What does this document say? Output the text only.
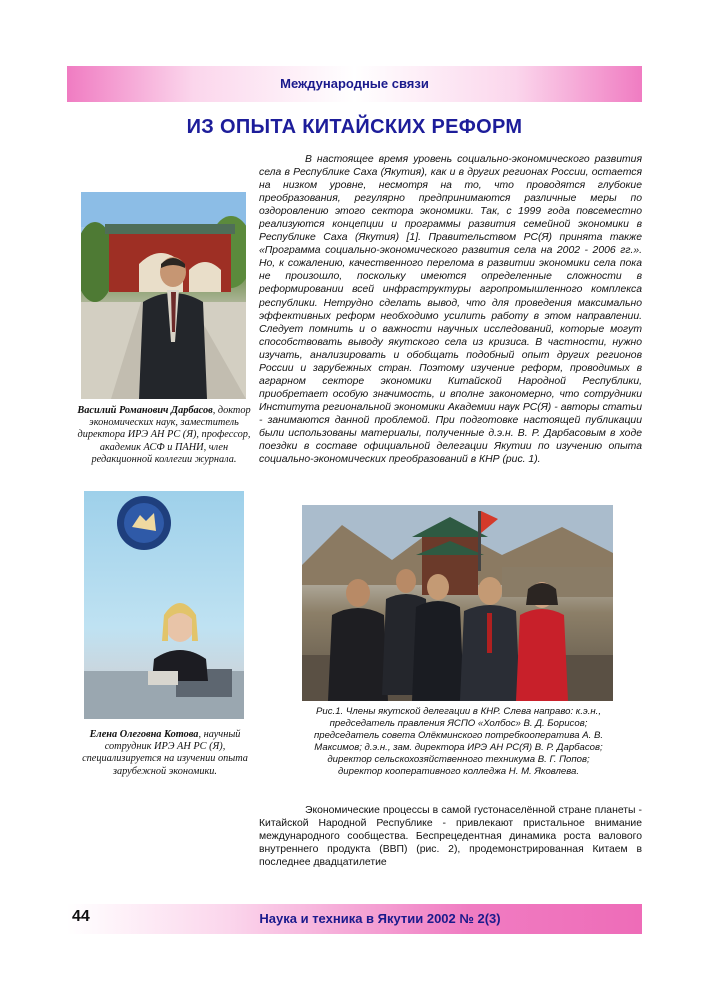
Международные связи
ИЗ ОПЫТА КИТАЙСКИХ РЕФОРМ
В настоящее время уровень социально-экономического развития села в Республике Саха (Якутия), как и в других регионах России, остается на низком уровне, несмотря на то, что проводятся глубокие преобразования, регулярно предпринимаются различные меры по оздоровлению этого сектора экономики. Так, с 1999 года повсеместно реализуются концепции и программы развития семейной экономики в Республике Саха (Якутия) [1]. Правительством РС(Я) принята также «Программа социально-экономического развития села на 2002 - 2006 гг.». Но, к сожалению, качественного перелома в развитии экономики села пока не произошло, поскольку имеются определенные сложности в реформировании всей инфраструктуры агропромышленного комплекса республики. Нетрудно сделать вывод, что для проведения максимально эффективных реформ необходимо усилить работу в этом направлении. Следует помнить и о важности научных исследований, которые могут способствовать выводу якутского села из кризиса. В частности, нужно изучать, анализировать и обобщать подобный опыт других регионов России и зарубежных стран. Поэтому изучение реформ, проводимых в аграрном секторе экономики Китайской Народной Республики, приобретает особую значимость, и вполне закономерно, что сотрудники Института региональной экономики Академии наук РС(Я) - авторы статьи - занимаются данной проблемой. При подготовке настоящей публикации были использованы материалы, полученные д.э.н. В. Р. Дарбасовым в ходе поездки в составе официальной делегации Якутии по изучению опыта социально-экономических преобразований в КНР (рис. 1).
Василий Романович Дарбасов, доктор экономических наук, заместитель директора ИРЭ АН РС (Я), профессор, академик АСФ и ПАНИ, член редакционной коллегии журнала.
Елена Олеговна Котова, научный сотрудник ИРЭ АН РС (Я), специализируется на изучении опыта зарубежной экономики.
Рис.1. Члены якутской делегации в КНР. Слева направо: к.э.н., председатель правления ЯСПО «Холбос» В. Д. Борисов; председатель совета Олёкминского потребкооператива А. В. Максимов; д.э.н., зам. директора ИРЭ АН РС(Я) В. Р. Дарбасов; директор сельскохозяйственного техникума В. Г. Попов; директор кооперативного колледжа Н. М. Яковлева.
Экономические процессы в самой густонаселённой стране планеты - Китайской Народной Республике - привлекают пристальное внимание международного сообщества. Беспрецедентная динамика роста валового внутреннего продукта (ВВП) (рис. 2), продемонстрированная Китаем в последнее двадцатилетие
44	Наука и техника в Якутии 2002 № 2(3)
